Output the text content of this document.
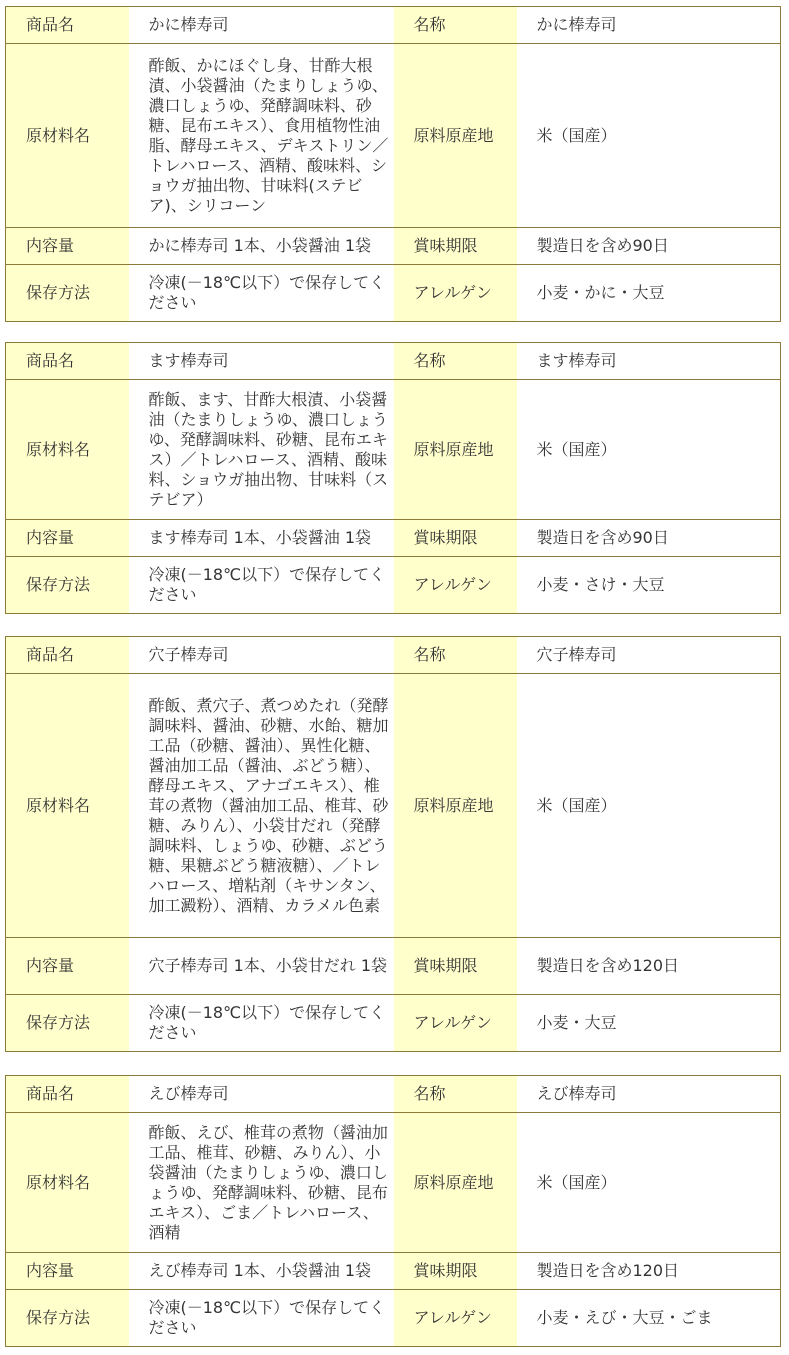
商品名	かに棒寿司	名称	かに棒寿司
原材料名	酢飯、かにほぐし身、甘酢大根漬、小袋醤油（たまりしょうゆ、濃口しょうゆ、発酵調味料、砂糖、昆布エキス）、食用植物性油脂、酵母エキス、デキストリン／トレハロース、酒精、酸味料、ショウガ抽出物、甘味料(ステビア)、シリコーン	原料原産地	米（国産）
内容量	かに棒寿司 1本、小袋醤油 1袋	賞味期限	製造日を含め90日
保存方法	冷凍(－18℃以下）で保存してください	アレルゲン	小麦・かに・大豆
商品名	ます棒寿司	名称	ます棒寿司
原材料名	酢飯、ます、甘酢大根漬、小袋醤油（たまりしょうゆ、濃口しょうゆ、発酵調味料、砂糖、昆布エキス）／トレハロース、酒精、酸味料、ショウガ抽出物、甘味料（ステビア）	原料原産地	米（国産）
内容量	ます棒寿司 1本、小袋醤油 1袋	賞味期限	製造日を含め90日
保存方法	冷凍(－18℃以下）で保存してください	アレルゲン	小麦・さけ・大豆
商品名	穴子棒寿司	名称	穴子棒寿司
原材料名	酢飯、煮穴子、煮つめたれ（発酵調味料、醤油、砂糖、水飴、糖加工品（砂糖、醤油）、異性化糖、醤油加工品（醤油、ぶどう糖）、酵母エキス、アナゴエキス）、椎茸の煮物（醤油加工品、椎茸、砂糖、みりん）、小袋甘だれ（発酵調味料、しょうゆ、砂糖、ぶどう糖、果糖ぶどう糖液糖）、／トレハロース、増粘剤（キサンタン、加工澱粉）、酒精、カラメル色素	原料原産地	米（国産）
内容量	穴子棒寿司 1本、小袋甘だれ 1袋	賞味期限	製造日を含め120日
保存方法	冷凍(－18℃以下）で保存してください	アレルゲン	小麦・大豆
商品名	えび棒寿司	名称	えび棒寿司
原材料名	酢飯、えび、椎茸の煮物（醤油加工品、椎茸、砂糖、みりん）、小袋醤油（たまりしょうゆ、濃口しょうゆ、発酵調味料、砂糖、昆布エキス）、ごま／トレハロース、酒精	原料原産地	米（国産）
内容量	えび棒寿司 1本、小袋醤油 1袋	賞味期限	製造日を含め120日
保存方法	冷凍(－18℃以下）で保存してください	アレルゲン	小麦・えび・大豆・ごま
